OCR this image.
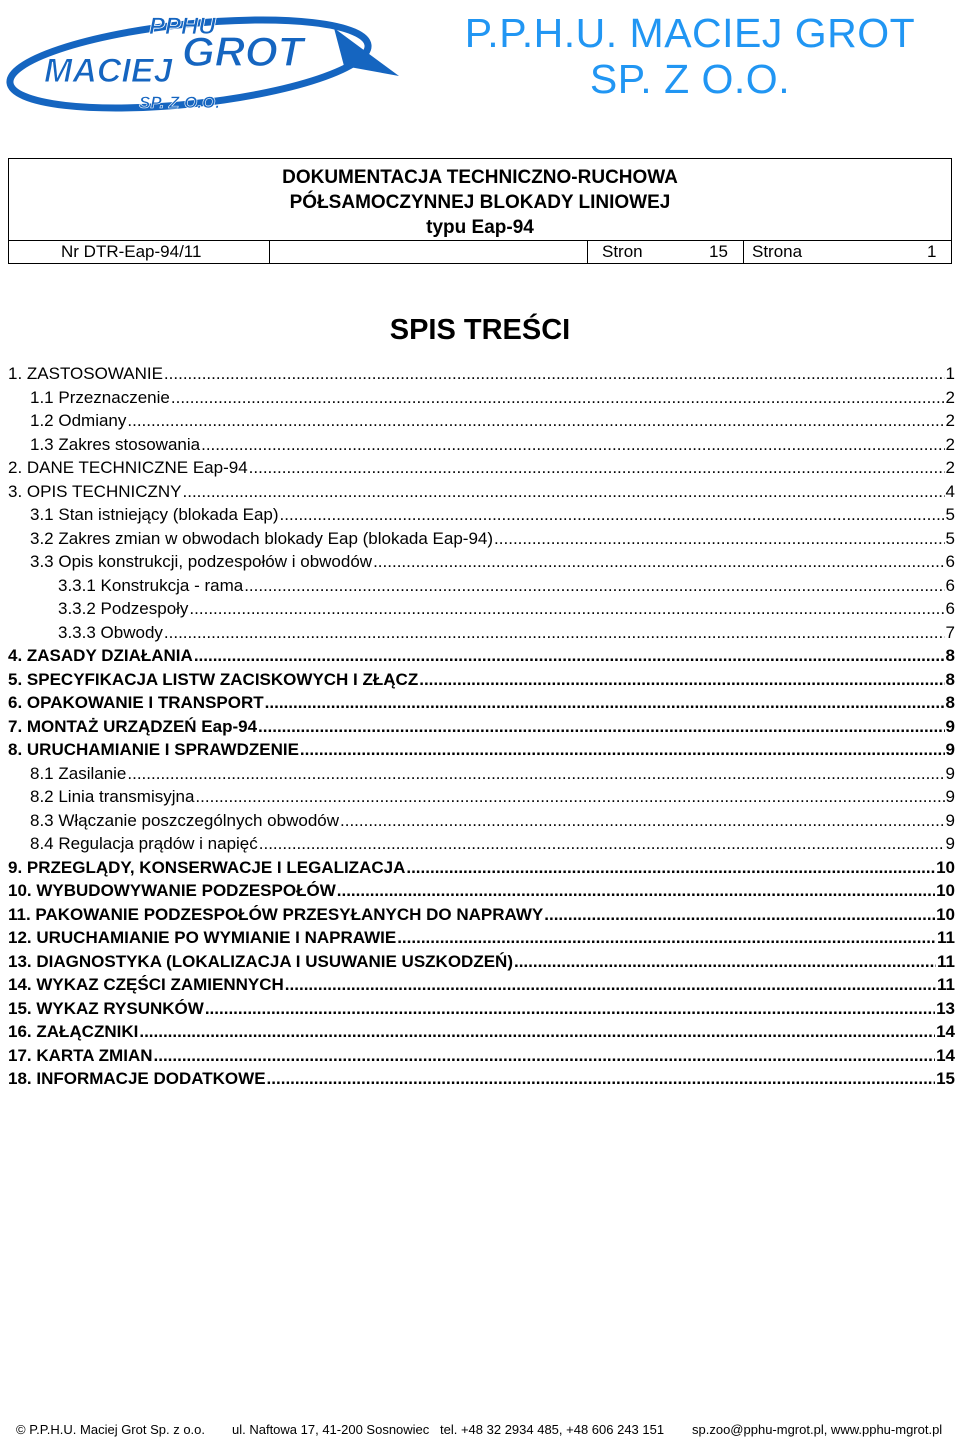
PPHU
MACIEJ GROT
SP. Z O.O.
P.P.H.U. MACIEJ GROT
SP. Z O.O.
DOKUMENTACJA TECHNICZNO-RUCHOWA
PÓŁSAMOCZYNNEJ BLOKADY LINIOWEJ
typu Eap-94
Nr DTR-Eap-94/11	Stron	15 Strona	1
SPIS TREŚCI
1. ZASTOSOWANIE .....	1
1.1 Przeznaczenie .....	2
1.2 Odmiany .....	2
1.3 Zakres stosowania .....	2
2. DANE TECHNICZNE Eap-94 .....	2
3. OPIS TECHNICZNY .....	4
3.1 Stan istniejący (blokada Eap) .....	5
3.2 Zakres zmian w obwodach blokady Eap (blokada Eap-94) .....	5
3.3 Opis konstrukcji, podzespołów i obwodów .....	6
3.3.1 Konstrukcja - rama .....	6
3.3.2 Podzespoły .....	6
3.3.3 Obwody .....	7
4. ZASADY DZIAŁANIA .....	8
5. SPECYFIKACJA LISTW ZACISKOWYCH I ZŁĄCZ .....	8
6. OPAKOWANIE I TRANSPORT .....	8
7. MONTAŻ URZĄDZEŃ Eap-94 .....	9
8. URUCHAMIANIE I SPRAWDZENIE .....	9
8.1 Zasilanie .....	9
8.2 Linia transmisyjna .....	9
8.3 Włączanie poszczególnych obwodów .....	9
8.4 Regulacja prądów i napięć .....	9
9. PRZEGLĄDY, KONSERWACJE I LEGALIZACJA .....	10
10. WYBUDOWYWANIE PODZESPOŁÓW .....	10
11. PAKOWANIE PODZESPOŁÓW PRZESYŁANYCH DO NAPRAWY .....	10
12. URUCHAMIANIE PO WYMIANIE I NAPRAWIE .....	11
13. DIAGNOSTYKA (LOKALIZACJA I USUWANIE USZKODZEŃ) .....	11
14. WYKAZ CZĘŚCI ZAMIENNYCH .....	11
15. WYKAZ RYSUNKÓW .....	13
16. ZAŁĄCZNIKI .....	14
17. KARTA ZMIAN .....	14
18. INFORMACJE DODATKOWE .....	15
© P.P.H.U. Maciej Grot Sp. z o.o. ul. Naftowa 17, 41-200 Sosnowiec tel. +48 32 2934 485, +48 606 243 151 sp.zoo@pphu-mgrot.pl, www.pphu-mgrot.pl
